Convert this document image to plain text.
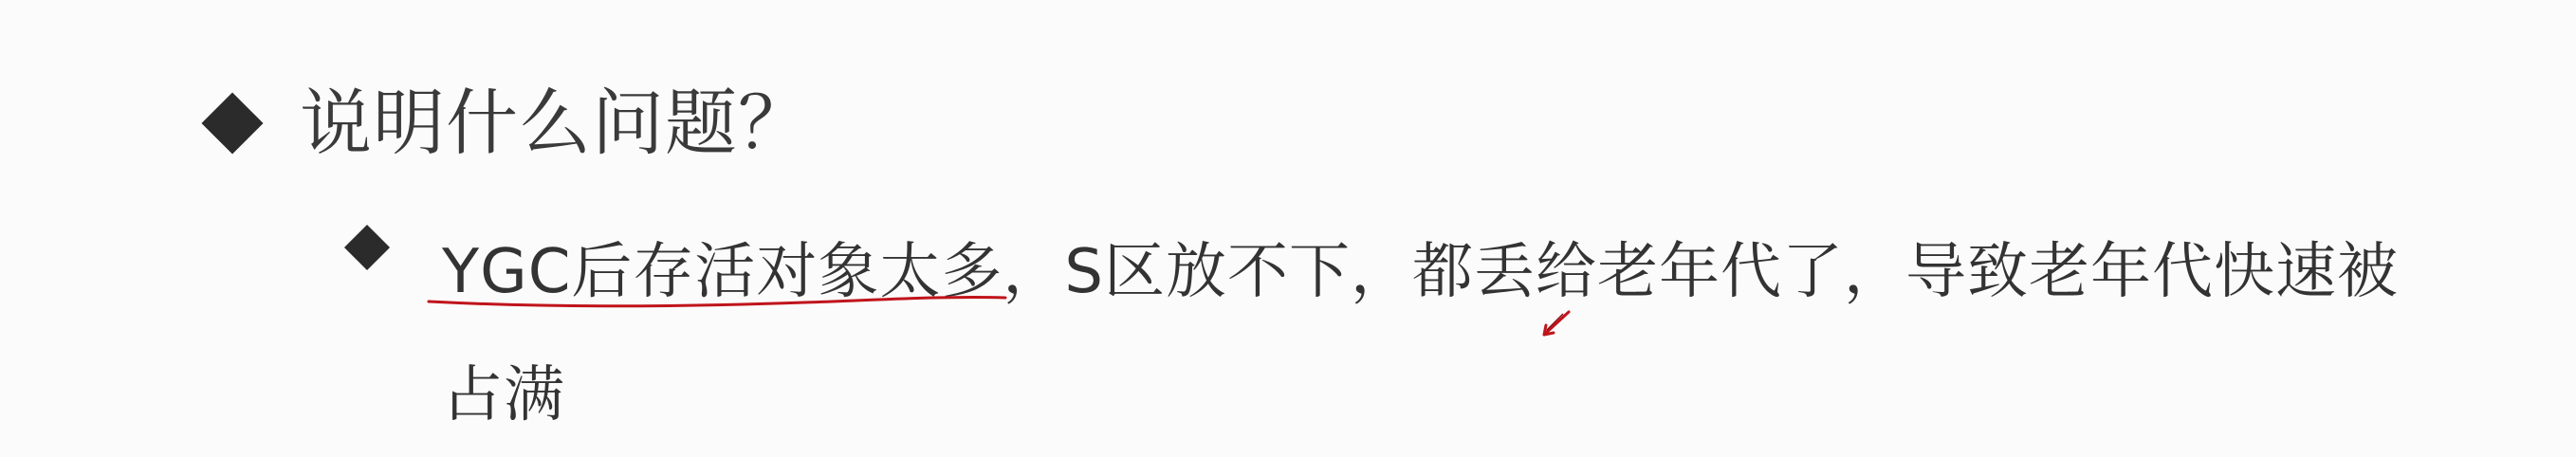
说明什么问题？
YGC后存活对象太多，S区放不下，都丢给老年代了，导致老年代快速被
占满
